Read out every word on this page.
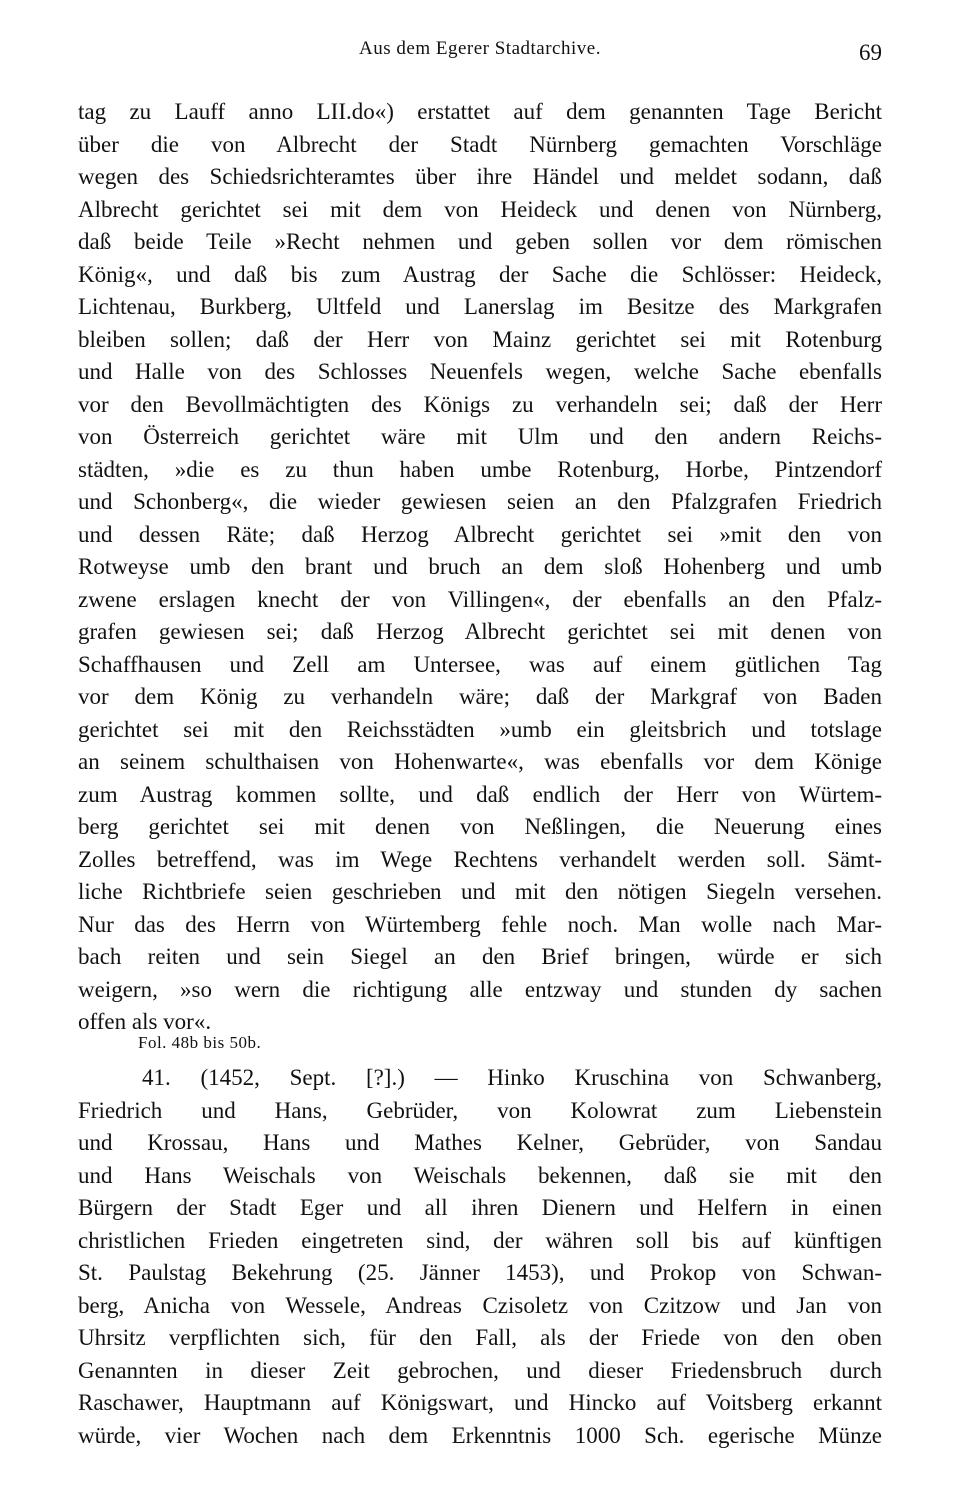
Aus dem Egerer Stadtarchive.	69
tag zu Lauff anno LII.do«) erstattet auf dem genannten Tage Bericht
über die von Albrecht der Stadt Nürnberg gemachten Vorschläge
wegen des Schiedsrichteramtes über ihre Händel und meldet sodann, daß
Albrecht gerichtet sei mit dem von Heideck und denen von Nürnberg,
daß beide Teile »Recht nehmen und geben sollen vor dem römischen
König«, und daß bis zum Austrag der Sache die Schlösser: Heideck,
Lichtenau, Burkberg, Ultfeld und Lanerslag im Besitze des Markgrafen
bleiben sollen; daß der Herr von Mainz gerichtet sei mit Rotenburg
und Halle von des Schlosses Neuenfels wegen, welche Sache ebenfalls
vor den Bevollmächtigten des Königs zu verhandeln sei; daß der Herr
von Österreich gerichtet wäre mit Ulm und den andern Reichs-
städten, »die es zu thun haben umbe Rotenburg, Horbe, Pintzendorf
und Schonberg«, die wieder gewiesen seien an den Pfalzgrafen Friedrich
und dessen Räte; daß Herzog Albrecht gerichtet sei »mit den von
Rotweyse umb den brant und bruch an dem sloß Hohenberg und umb
zwene erslagen knecht der von Villingen«, der ebenfalls an den Pfalz-
grafen gewiesen sei; daß Herzog Albrecht gerichtet sei mit denen von
Schaffhausen und Zell am Untersee, was auf einem gütlichen Tag
vor dem König zu verhandeln wäre; daß der Markgraf von Baden
gerichtet sei mit den Reichsstädten »umb ein gleitsbrich und totslage
an seinem schulthaisen von Hohenwarte«, was ebenfalls vor dem Könige
zum Austrag kommen sollte, und daß endlich der Herr von Würtem-
berg gerichtet sei mit denen von Neßlingen, die Neuerung eines
Zolles betreffend, was im Wege Rechtens verhandelt werden soll. Sämt-
liche Richtbriefe seien geschrieben und mit den nötigen Siegeln versehen.
Nur das des Herrn von Würtemberg fehle noch. Man wolle nach Mar-
bach reiten und sein Siegel an den Brief bringen, würde er sich
weigern, »so wern die richtigung alle entzway und stunden dy sachen
offen als vor«.
Fol. 48b bis 50b.
41. (1452, Sept. [?].) — Hinko Kruschina von Schwanberg,
Friedrich und Hans, Gebrüder, von Kolowrat zum Liebenstein
und Krossau, Hans und Mathes Kelner, Gebrüder, von Sandau
und Hans Weischals von Weischals bekennen, daß sie mit den
Bürgern der Stadt Eger und all ihren Dienern und Helfern in einen
christlichen Frieden eingetreten sind, der währen soll bis auf künftigen
St. Paulstag Bekehrung (25. Jänner 1453), und Prokop von Schwan-
berg, Anicha von Wessele, Andreas Czisoletz von Czitzow und Jan von
Uhrsitz verpflichten sich, für den Fall, als der Friede von den oben
Genannten in dieser Zeit gebrochen, und dieser Friedensbruch durch
Raschawer, Hauptmann auf Königswart, und Hincko auf Voitsberg erkannt
würde, vier Wochen nach dem Erkenntnis 1000 Sch. egerische Münze
